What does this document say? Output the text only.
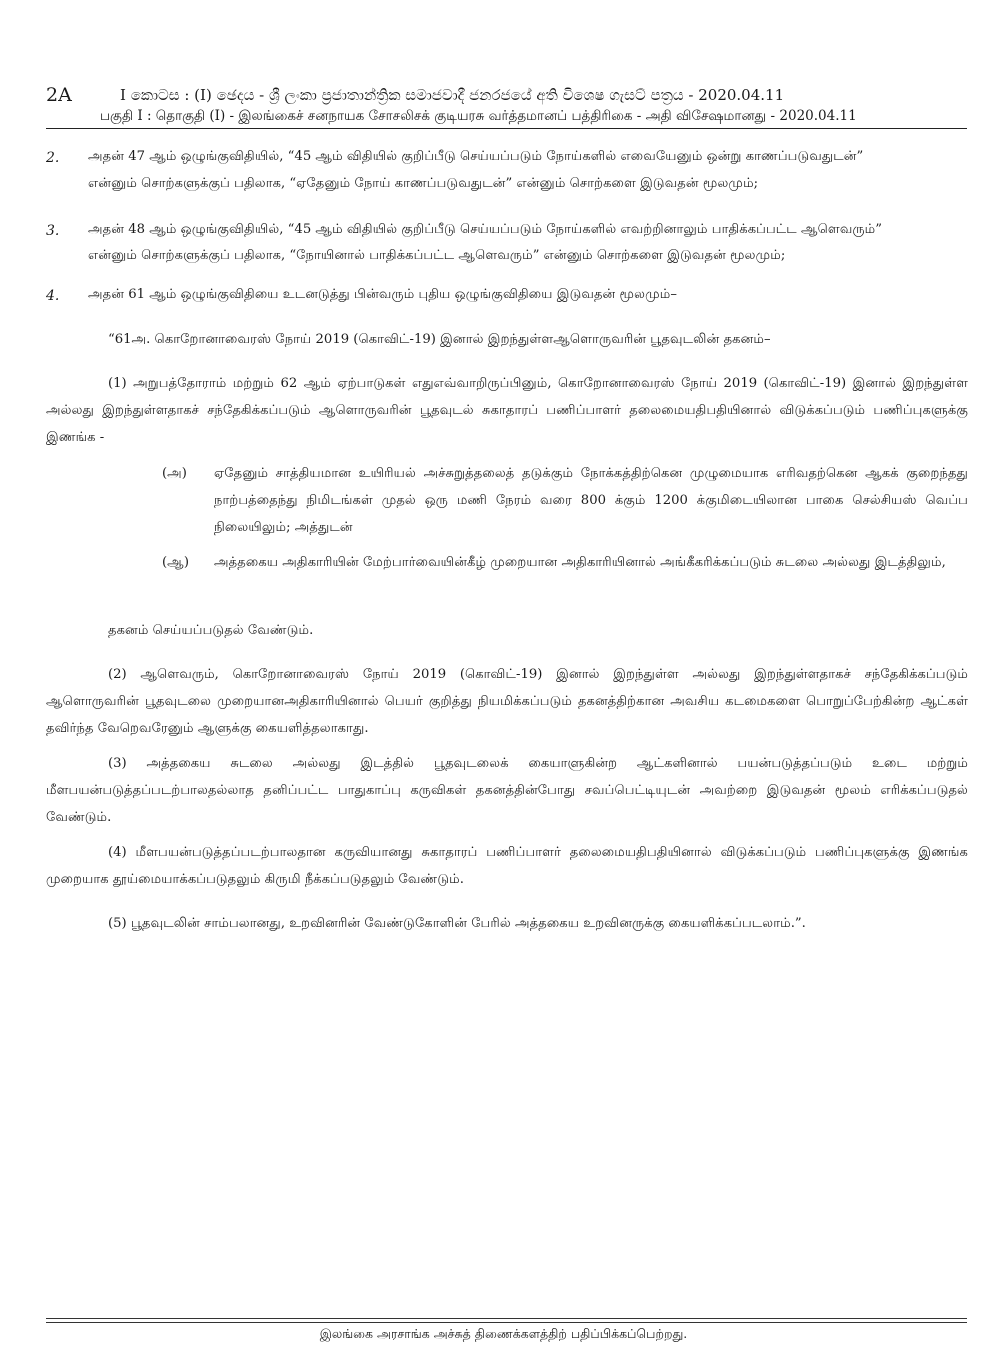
2A	I කොටස : (I) ඡෙදය - ශ්‍රී ලංකා ප්‍රජාතාන්ත්‍රික සමාජවාදී ජනරජයේ අති විශෙෂ ගැසට් පත්‍රය - 2020.04.11
பகுதி I : தொகுதி (I) - இலங்கைச் சனநாயக சோசலிசக் குடியரசு வர்த்தமானப் பத்திரிகை - அதி விசேஷமானது - 2020.04.11
2. அதன் 47 ஆம் ஒழுங்குவிதியில், “45 ஆம் விதியில் குறிப்பீடு செய்யப்படும் நோய்களில் எவையேனும் ஒன்று காணப்படுவதுடன்”
என்னும் சொற்களுக்குப் பதிலாக, “ஏதேனும் நோய் காணப்படுவதுடன்” என்னும் சொற்களை இடுவதன் மூலமும்;
3. அதன் 48 ஆம் ஒழுங்குவிதியில், “45 ஆம் விதியில் குறிப்பீடு செய்யப்படும் நோய்களில் எவற்றினாலும் பாதிக்கப்பட்ட ஆளெவரும்”
என்னும் சொற்களுக்குப் பதிலாக, “நோயினால் பாதிக்கப்பட்ட ஆளெவரும்” என்னும் சொற்களை இடுவதன் மூலமும்;
4. அதன் 61 ஆம் ஒழுங்குவிதியை உடனடுத்து பின்வரும் புதிய ஒழுங்குவிதியை இடுவதன் மூலமும்–
“61அ. கொறோனாவைரஸ் நோய் 2019 (கொவிட்-19) இனால் இறந்துள்ளஆளொருவரின் பூதவுடலின் தகனம்–
(1) அறுபத்தோராம் மற்றும் 62 ஆம் ஏற்பாடுகள் எதுஎவ்வாறிருப்பினும், கொறோனாவைரஸ் நோய் 2019 (கொவிட்-19) இனால் இறந்துள்ள அல்லது இறந்துள்ளதாகச் சந்தேகிக்கப்படும் ஆளொருவரின் பூதவுடல் சுகாதாரப் பணிப்பாளர் தலைமையதிபதியினால் விடுக்கப்படும் பணிப்புகளுக்கு இணங்க -
(அ) ஏதேனும் சாத்தியமான உயிரியல் அச்சுறுத்தலைத் தடுக்கும் நோக்கத்திற்கென முழுமையாக எரிவதற்கென ஆகக் குறைந்தது நாற்பத்தைந்து நிமிடங்கள் முதல் ஒரு மணி நேரம் வரை 800 க்கும் 1200 க்குமிடையிலான பாகை செல்சியஸ் வெப்ப நிலையிலும்; அத்துடன்
(ஆ) அத்தகைய அதிகாரியின் மேற்பார்வையின்கீழ் முறையான அதிகாரியினால் அங்கீகரிக்கப்படும் சுடலை அல்லது இடத்திலும்,
தகனம் செய்யப்படுதல் வேண்டும்.
(2) ஆளெவரும், கொறோனாவைரஸ் நோய் 2019 (கொவிட்-19) இனால் இறந்துள்ள அல்லது இறந்துள்ளதாகச் சந்தேகிக்கப்படும் ஆளொருவரின் பூதவுடலை முறையானஅதிகாரியினால் பெயர் குறித்து நியமிக்கப்படும் தகனத்திற்கான அவசிய கடமைகளை பொறுப்பேற்கின்ற ஆட்கள் தவிர்ந்த வேறெவரேனும் ஆளுக்கு கையளித்தலாகாது.
(3) அத்தகைய சுடலை அல்லது இடத்தில் பூதவுடலைக் கையாளுகின்ற ஆட்களினால் பயன்படுத்தப்படும் உடை மற்றும் மீளபயன்படுத்தப்படற்பாலதல்லாத தனிப்பட்ட பாதுகாப்பு கருவிகள் தகனத்தின்போது சவப்பெட்டியுடன் அவற்றை இடுவதன் மூலம் எரிக்கப்படுதல் வேண்டும்.
(4) மீளபயன்படுத்தப்படற்பாலதான கருவியானது சுகாதாரப் பணிப்பாளர் தலைமையதிபதியினால் விடுக்கப்படும் பணிப்புகளுக்கு இணங்க முறையாக தூய்மையாக்கப்படுதலும் கிருமி நீக்கப்படுதலும் வேண்டும்.
(5) பூதவுடலின் சாம்பலானது, உறவினரின் வேண்டுகோளின் பேரில் அத்தகைய உறவினருக்கு கையளிக்கப்படலாம்.”.
இலங்கை அரசாங்க அச்சுத் திணைக்களத்திற் பதிப்பிக்கப்பெற்றது.
